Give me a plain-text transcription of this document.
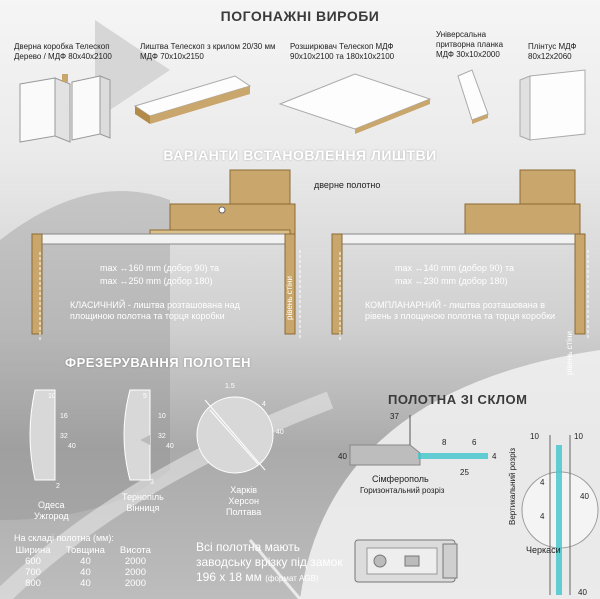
ПОГОНАЖНІ ВИРОБИ
Дверна коробка Телескоп
Дерево / МДФ 80х40х2100
Лиштва Телескоп з крилом 20/30 мм
МДФ 70х10х2150
Розширювач Телескоп МДФ
90х10х2100 та 180х10х2100
Універсальна притворна планка
МДФ 30х10х2000
Плінтус МДФ
80х12х2060
ВАРІАНТИ ВСТАНОВЛЕННЯ ЛИШТВИ
дверне полотно
max ↔160 mm (добор 90) та
max ↔250 mm (добор 180)
КЛАСИЧНИЙ - лиштва розташована над площиною полотна та торця коробки
max ↔140 mm (добор 90) та
max ↔230 mm (добор 180)
КОМПЛАНАРНИЙ - лиштва розташована в рівень з площиною полотна та торця коробки
рівень стіни
рівень стіни
ФРЕЗЕРУВАННЯ ПОЛОТЕН
10
16
32
40
2
Одеса
Ужгород
5
10
32
40
3
Тернопіль
Вінниця
1.5
4
40
Харків
Херсон
Полтава
ПОЛОТНА ЗІ СКЛОМ
37
40
8	6
4
25
Сімферополь
Горизонтальний розріз
10	10
4
40
4
Вертикальний розріз
Черкаси
40
На складі полотна (мм):
Ширина	Товщина	Висота
600	40	2000
700	40	2000
800	40	2000
Всі полотна мають
заводську врізку під замок
196 х 18 мм (формат AGB)
